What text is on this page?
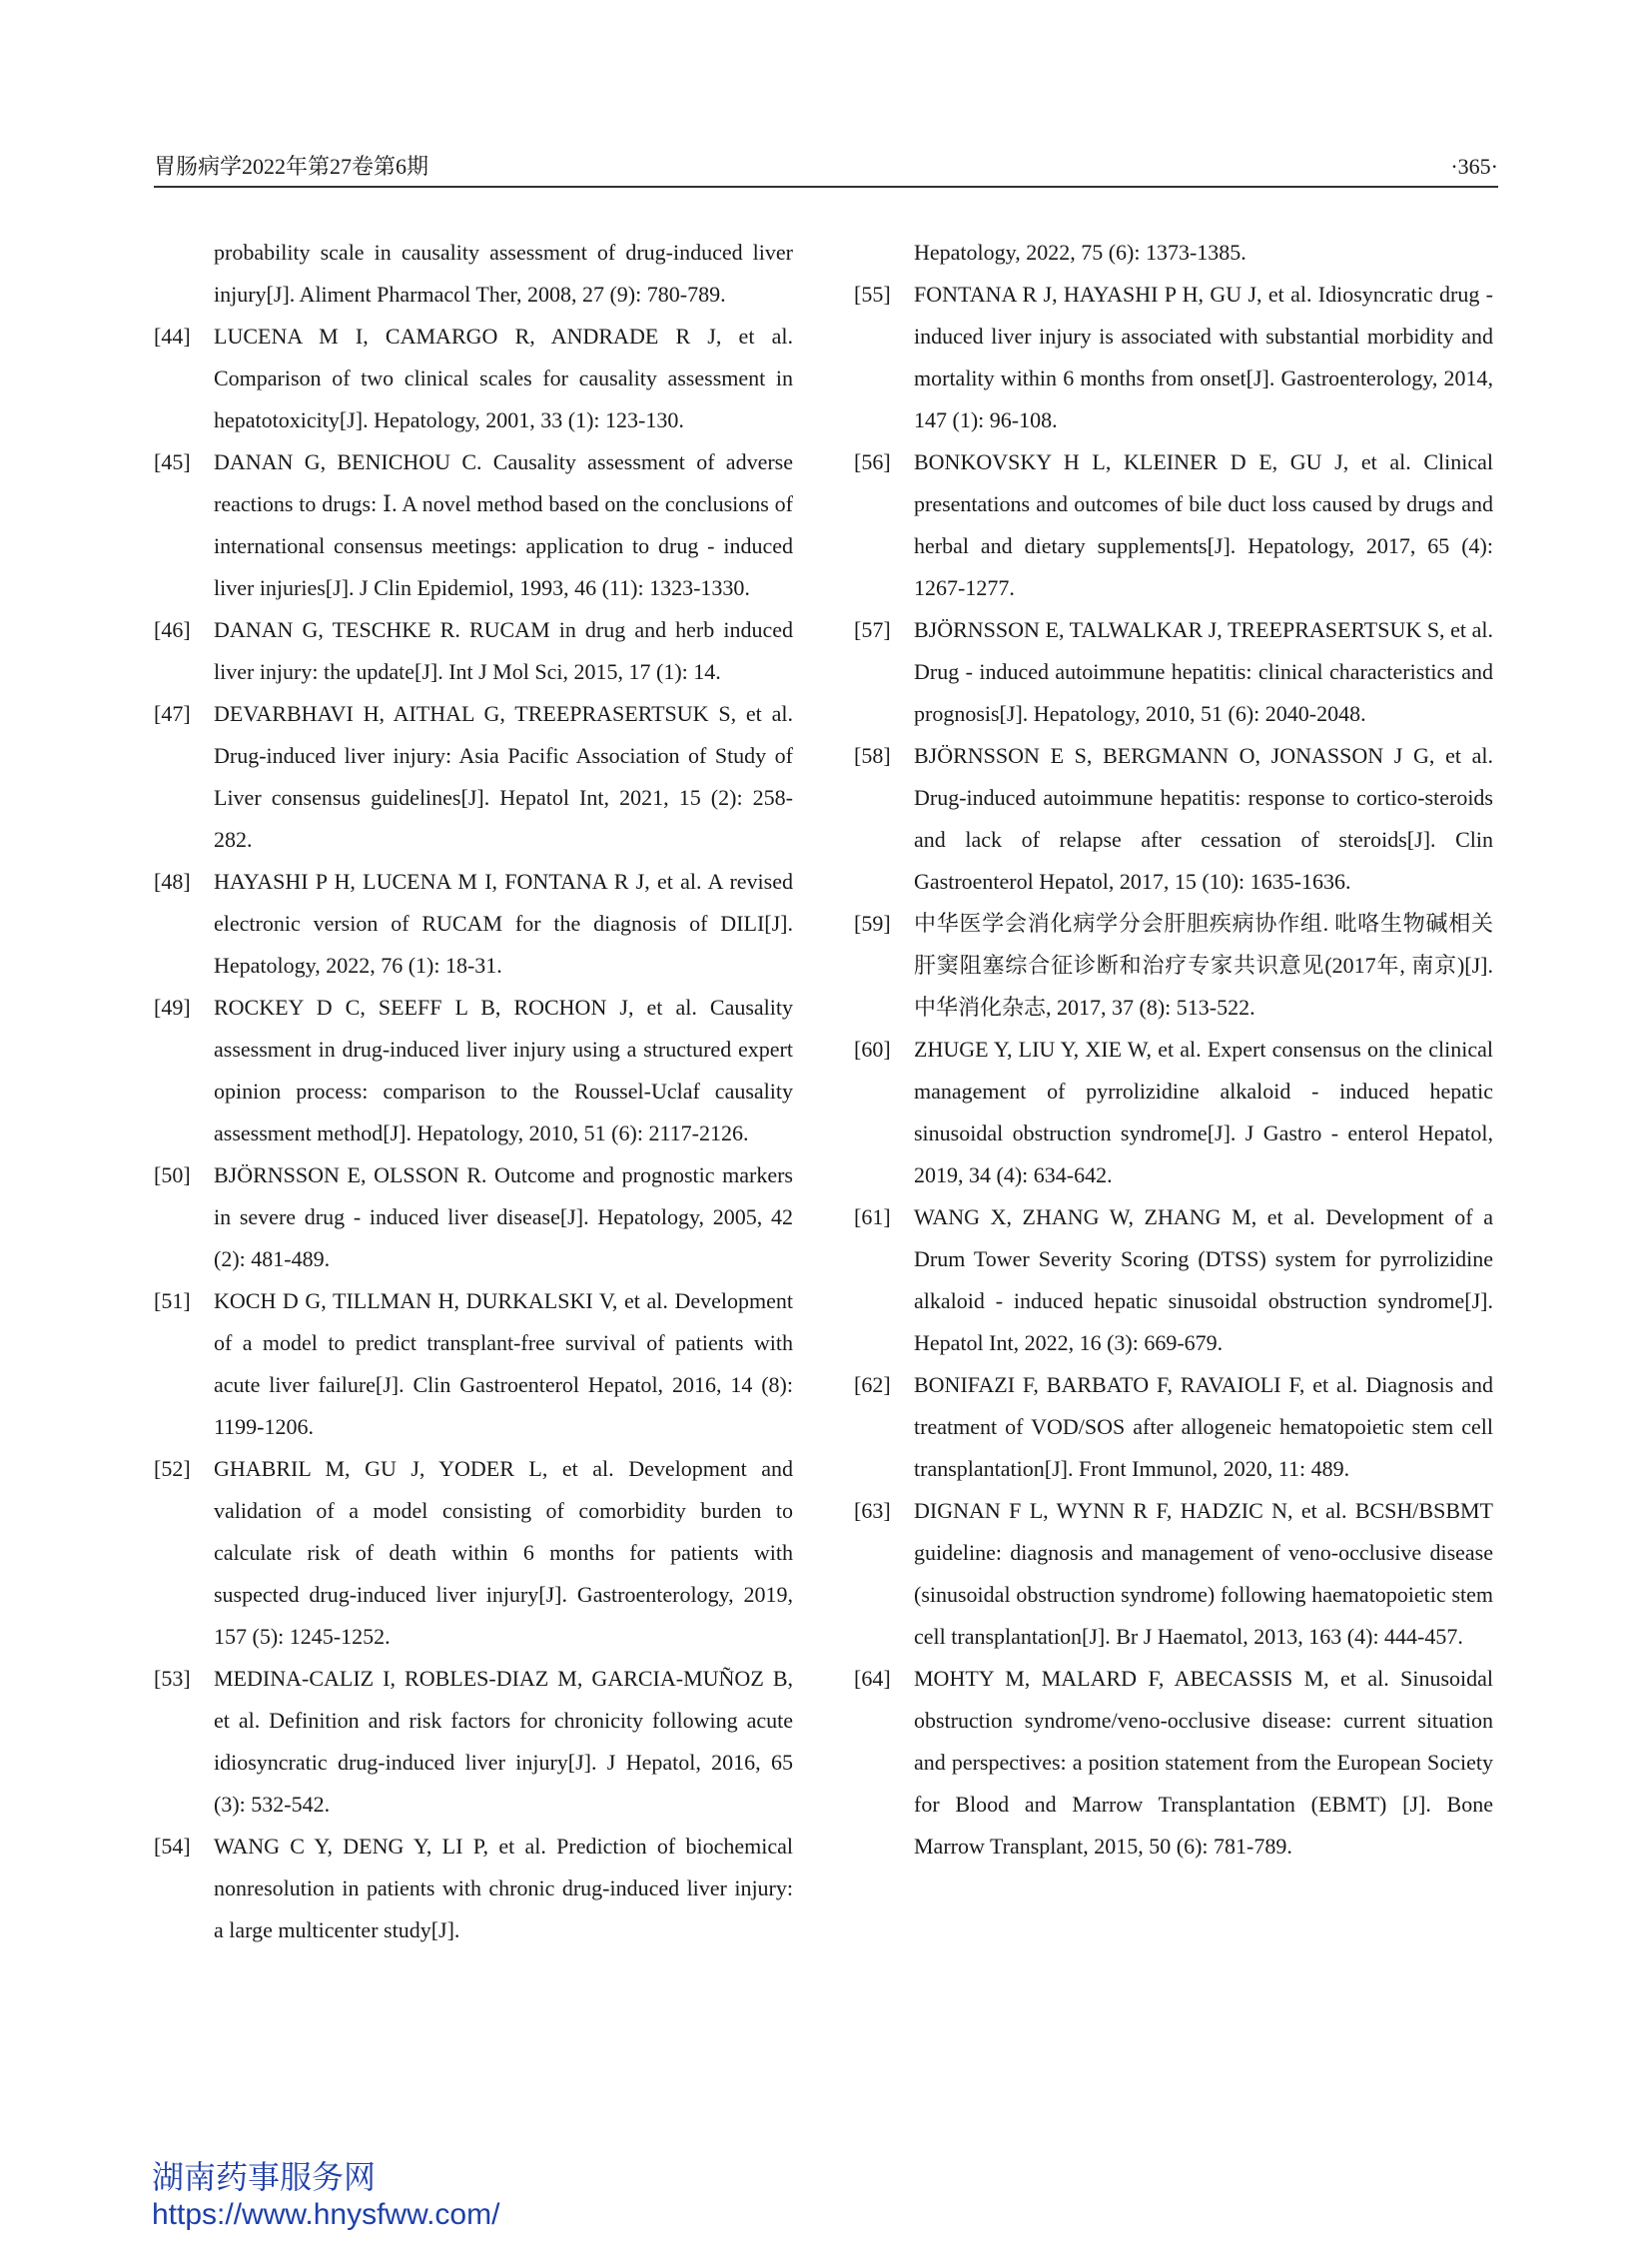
胃肠病学2022年第27卷第6期	·365·

probability scale in causality assessment of drug-induced liver injury[J]. Aliment Pharmacol Ther, 2008, 27 (9): 780-789.

[44]	LUCENA M I, CAMARGO R, ANDRADE R J, et al. Comparison of two clinical scales for causality assessment in hepatotoxicity[J]. Hepatology, 2001, 33 (1): 123-130.

[45]	DANAN G, BENICHOU C. Causality assessment of adverse reactions to drugs: Ⅰ. A novel method based on the conclusions of international consensus meetings: application to drug - induced liver injuries[J]. J Clin Epidemiol, 1993, 46 (11): 1323-1330.

[46]	DANAN G, TESCHKE R. RUCAM in drug and herb induced liver injury: the update[J]. Int J Mol Sci, 2015, 17 (1): 14.

[47]	DEVARBHAVI H, AITHAL G, TREEPRASERTSUK S, et al. Drug-induced liver injury: Asia Pacific Association of Study of Liver consensus guidelines[J]. Hepatol Int, 2021, 15 (2): 258-282.

[48]	HAYASHI P H, LUCENA M I, FONTANA R J, et al. A revised electronic version of RUCAM for the diagnosis of DILI[J]. Hepatology, 2022, 76 (1): 18-31.

[49]	ROCKEY D C, SEEFF L B, ROCHON J, et al. Causality assessment in drug-induced liver injury using a structured expert opinion process: comparison to the Roussel-Uclaf causality assessment method[J]. Hepatology, 2010, 51 (6): 2117-2126.

[50]	BJÖRNSSON E, OLSSON R. Outcome and prognostic markers in severe drug - induced liver disease[J]. Hepatology, 2005, 42 (2): 481-489.

[51]	KOCH D G, TILLMAN H, DURKALSKI V, et al. Development of a model to predict transplant-free survival of patients with acute liver failure[J]. Clin Gastroenterol Hepatol, 2016, 14 (8): 1199-1206.

[52]	GHABRIL M, GU J, YODER L, et al. Development and validation of a model consisting of comorbidity burden to calculate risk of death within 6 months for patients with suspected drug-induced liver injury[J]. Gastroenterology, 2019, 157 (5): 1245-1252.

[53]	MEDINA-CALIZ I, ROBLES-DIAZ M, GARCIA-MUÑOZ B, et al. Definition and risk factors for chronicity following acute idiosyncratic drug-induced liver injury[J]. J Hepatol, 2016, 65 (3): 532-542.

[54]	WANG C Y, DENG Y, LI P, et al. Prediction of biochemical nonresolution in patients with chronic drug-induced liver injury: a large multicenter study[J].

Hepatology, 2022, 75 (6): 1373-1385.

[55]	FONTANA R J, HAYASHI P H, GU J, et al. Idiosyncratic drug - induced liver injury is associated with substantial morbidity and mortality within 6 months from onset[J]. Gastroenterology, 2014, 147 (1): 96-108.

[56]	BONKOVSKY H L, KLEINER D E, GU J, et al. Clinical presentations and outcomes of bile duct loss caused by drugs and herbal and dietary supplements[J]. Hepatology, 2017, 65 (4): 1267-1277.

[57]	BJÖRNSSON E, TALWALKAR J, TREEPRASERTSUK S, et al. Drug - induced autoimmune hepatitis: clinical characteristics and prognosis[J]. Hepatology, 2010, 51 (6): 2040-2048.

[58]	BJÖRNSSON E S, BERGMANN O, JONASSON J G, et al. Drug-induced autoimmune hepatitis: response to cortico-steroids and lack of relapse after cessation of steroids[J]. Clin Gastroenterol Hepatol, 2017, 15 (10): 1635-1636.

[59]	中华医学会消化病学分会肝胆疾病协作组. 吡咯生物碱相关肝窦阻塞综合征诊断和治疗专家共识意见(2017年, 南京)[J]. 中华消化杂志, 2017, 37 (8): 513-522.

[60]	ZHUGE Y, LIU Y, XIE W, et al. Expert consensus on the clinical management of pyrrolizidine alkaloid - induced hepatic sinusoidal obstruction syndrome[J]. J Gastro - enterol Hepatol, 2019, 34 (4): 634-642.

[61]	WANG X, ZHANG W, ZHANG M, et al. Development of a Drum Tower Severity Scoring (DTSS) system for pyrrolizidine alkaloid - induced hepatic sinusoidal obstruction syndrome[J]. Hepatol Int, 2022, 16 (3): 669-679.

[62]	BONIFAZI F, BARBATO F, RAVAIOLI F, et al. Diagnosis and treatment of VOD/SOS after allogeneic hematopoietic stem cell transplantation[J]. Front Immunol, 2020, 11: 489.

[63]	DIGNAN F L, WYNN R F, HADZIC N, et al. BCSH/BSBMT guideline: diagnosis and management of veno-occlusive disease (sinusoidal obstruction syndrome) following haematopoietic stem cell transplantation[J]. Br J Haematol, 2013, 163 (4): 444-457.

[64]	MOHTY M, MALARD F, ABECASSIS M, et al. Sinusoidal obstruction syndrome/veno-occlusive disease: current situation and perspectives: a position statement from the European Society for Blood and Marrow Transplantation (EBMT) [J]. Bone Marrow Transplant, 2015, 50 (6): 781-789.

湖南药事服务网
https://www.hnysfww.com/
